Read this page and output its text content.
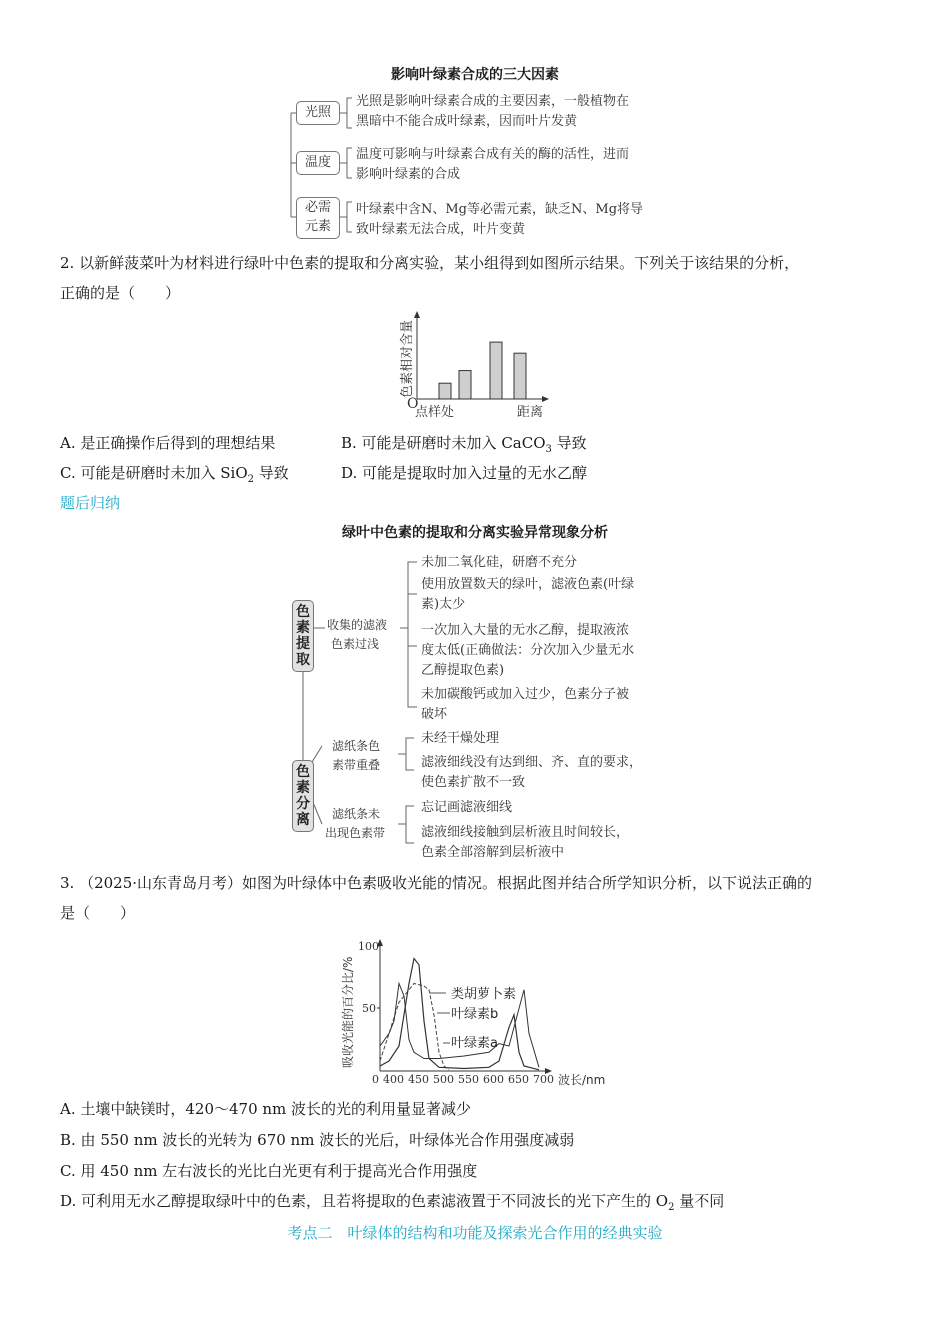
影响叶绿素合成的三大因素
光照
光照是影响叶绿素合成的主要因素，一般植物在
黑暗中不能合成叶绿素，因而叶片发黄
温度
温度可影响与叶绿素合成有关的酶的活性，进而
影响叶绿素的合成
必需
元素
叶绿素中含N、Mg等必需元素，缺乏N、Mg将导
致叶绿素无法合成，叶片变黄
2. 以新鲜菠菜叶为材料进行绿叶中色素的提取和分离实验，某小组得到如图所示结果。下列关于该结果的分析，
正确的是（　　）
O
点样处	距离
色素相对含量
A. 是正确操作后得到的理想结果	B. 可能是研磨时未加入 CaCO$_3$ 导致
C. 可能是研磨时未加入 SiO$_2$ 导致	D. 可能是提取时加入过量的无水乙醇
题后归纳
绿叶中色素的提取和分离实验异常现象分析
色
素
提
取
收集的滤液
色素过浅
未加二氧化硅，研磨不充分
使用放置数天的绿叶，滤液色素(叶绿
素)太少
一次加入大量的无水乙醇，提取液浓
度太低(正确做法：分次加入少量无水
乙醇提取色素)
未加碳酸钙或加入过少，色素分子被
破坏
色
素
分
离
滤纸条色
素带重叠
未经干燥处理
滤液细线没有达到细、齐、直的要求，
使色素扩散不一致
滤纸条未
出现色素带
忘记画滤液细线
滤液细线接触到层析液且时间较长，
色素全部溶解到层析液中
3. （2025·山东青岛月考）如图为叶绿体中色素吸收光能的情况。根据此图并结合所学知识分析，以下说法正确的
是（　　）
100
50
吸收光能的百分比/%
0 400 450 500 550 600 650 700 波长/nm
类胡萝卜素
叶绿素b
叶绿素a
A. 土壤中缺镁时，420～470 nm 波长的光的利用量显著减少
B. 由 550 nm 波长的光转为 670 nm 波长的光后，叶绿体光合作用强度减弱
C. 用 450 nm 左右波长的光比白光更有利于提高光合作用强度
D. 可利用无水乙醇提取绿叶中的色素，且若将提取的色素滤液置于不同波长的光下产生的 $O_2$ 量不同
考点二　叶绿体的结构和功能及探索光合作用的经典实验
